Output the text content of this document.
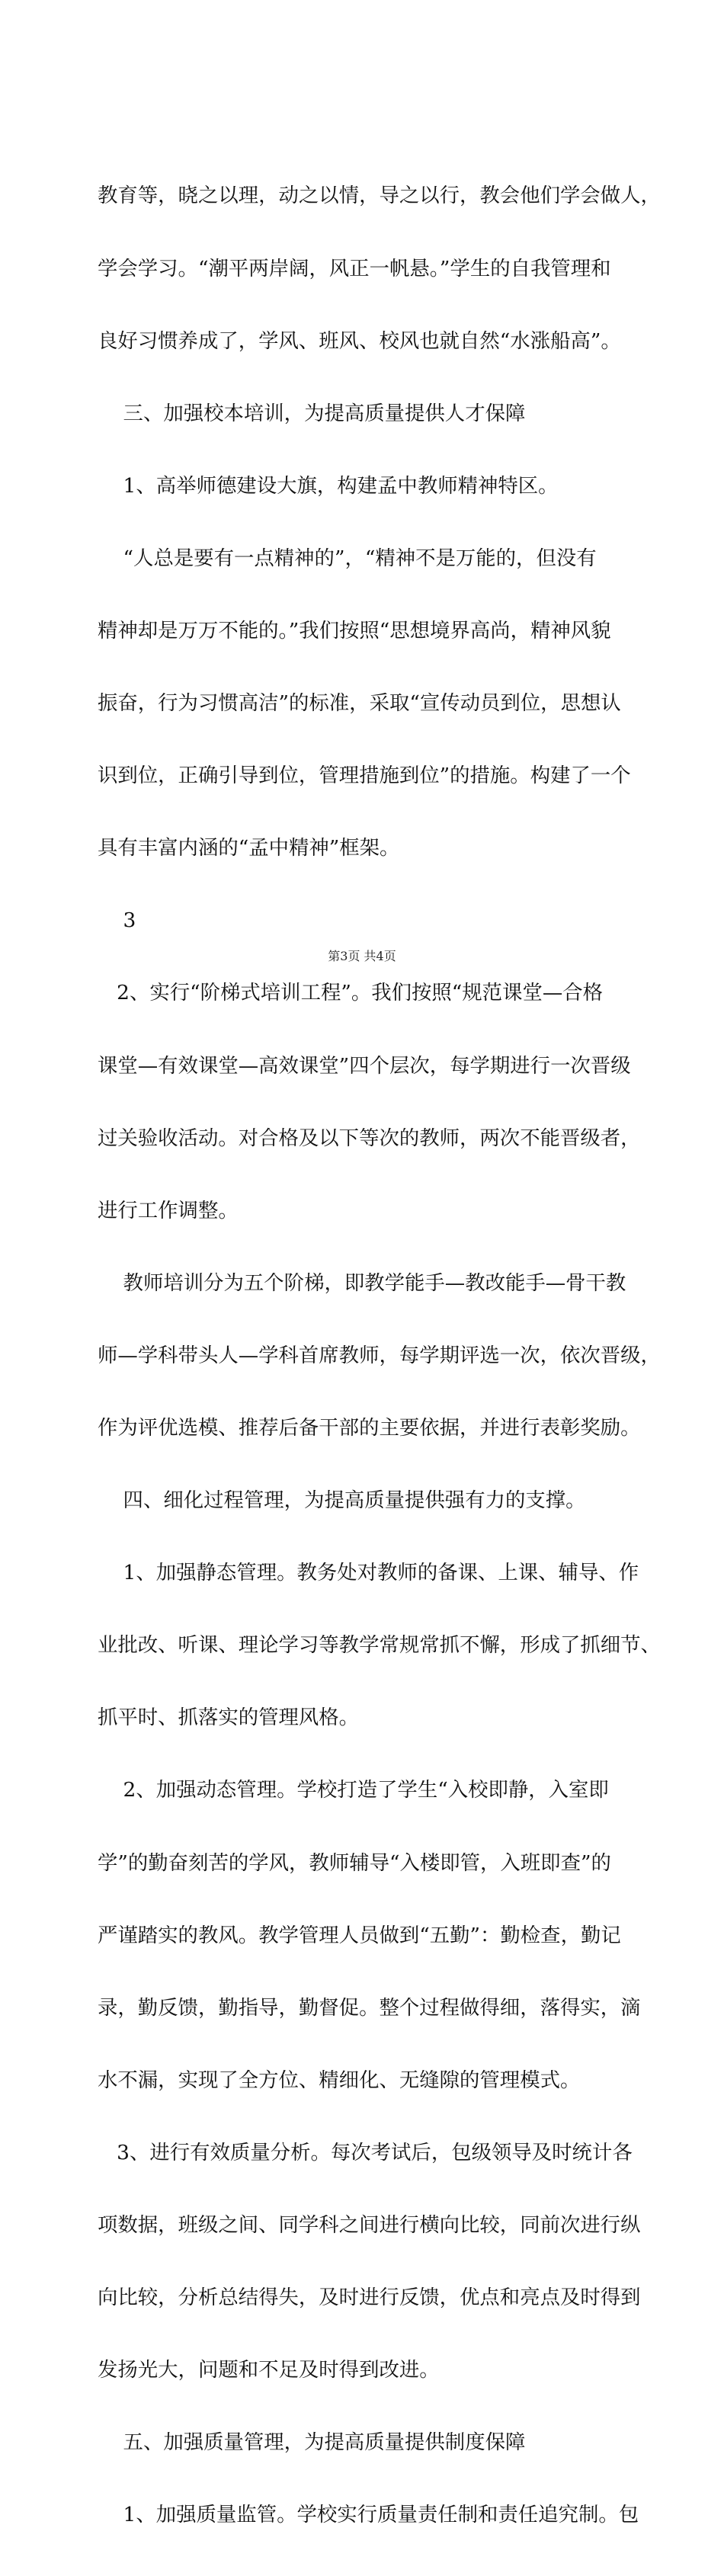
教育等，晓之以理，动之以情，导之以行，教会他们学会做人，

学会学习。“潮平两岸阔，风正一帆悬。”学生的自我管理和

良好习惯养成了，学风、班风、校风也就自然“水涨船高”。

三、加强校本培训，为提高质量提供人才保障

1、高举师德建设大旗，构建孟中教师精神特区。

“人总是要有一点精神的”，“精神不是万能的，但没有

精神却是万万不能的。”我们按照“思想境界高尚，精神风貌

振奋，行为习惯高洁”的标准，采取“宣传动员到位，思想认

识到位，正确引导到位，管理措施到位”的措施。构建了一个

具有丰富内涵的“孟中精神”框架。

3

2、实行“阶梯式培训工程”。我们按照“规范课堂—合格

课堂—有效课堂—高效课堂”四个层次，每学期进行一次晋级

过关验收活动。对合格及以下等次的教师，两次不能晋级者，

进行工作调整。

教师培训分为五个阶梯，即教学能手—教改能手—骨干教

师—学科带头人—学科首席教师，每学期评选一次，依次晋级，

作为评优选模、推荐后备干部的主要依据，并进行表彰奖励。

四、细化过程管理，为提高质量提供强有力的支撑。

1、加强静态管理。教务处对教师的备课、上课、辅导、作

业批改、听课、理论学习等教学常规常抓不懈，形成了抓细节、

抓平时、抓落实的管理风格。

2、加强动态管理。学校打造了学生“入校即静，入室即

学”的勤奋刻苦的学风，教师辅导“入楼即管，入班即查”的

严谨踏实的教风。教学管理人员做到“五勤”：勤检查，勤记

录，勤反馈，勤指导，勤督促。整个过程做得细，落得实，滴

水不漏，实现了全方位、精细化、无缝隙的管理模式。

3、进行有效质量分析。每次考试后，包级领导及时统计各

项数据，班级之间、同学科之间进行横向比较，同前次进行纵

向比较，分析总结得失，及时进行反馈，优点和亮点及时得到

发扬光大，问题和不足及时得到改进。

五、加强质量管理，为提高质量提供制度保障

1、加强质量监管。学校实行质量责任制和责任追究制。包

第3页 共4页
